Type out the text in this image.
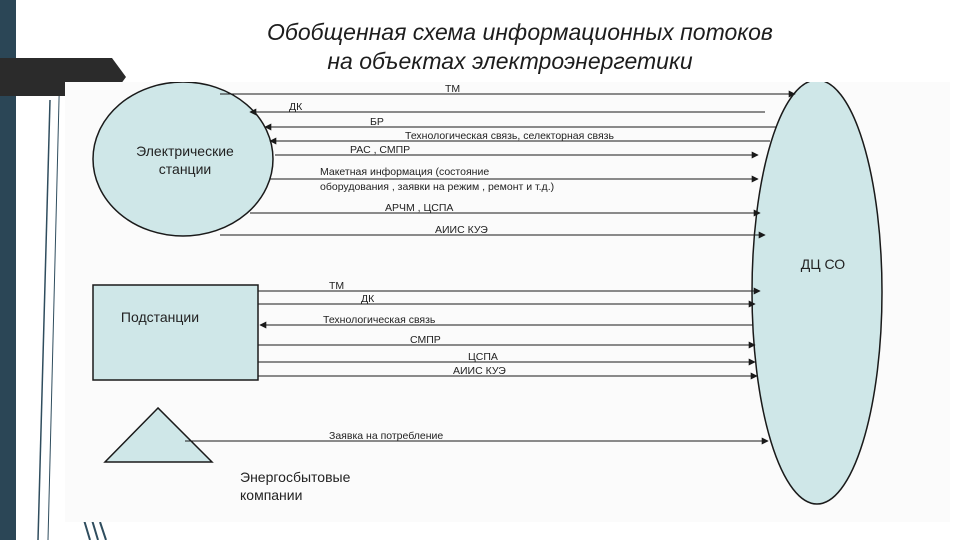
Обобщенная схема информационных потоков
на объектах электроэнергетики
ДЦ СО
Электрические
станции
Подстанции
Энергосбытовые
компании
ТМ
ДК
БР
Технологическая связь, селекторная связь
РАС , СМПР
Макетная информация (состояние
оборудования , заявки на режим , ремонт и т.д.)
АРЧМ , ЦСПА
АИИС КУЭ
ТМ
ДК
Технологическая связь
СМПР
ЦСПА
АИИС КУЭ
Заявка на потребление
